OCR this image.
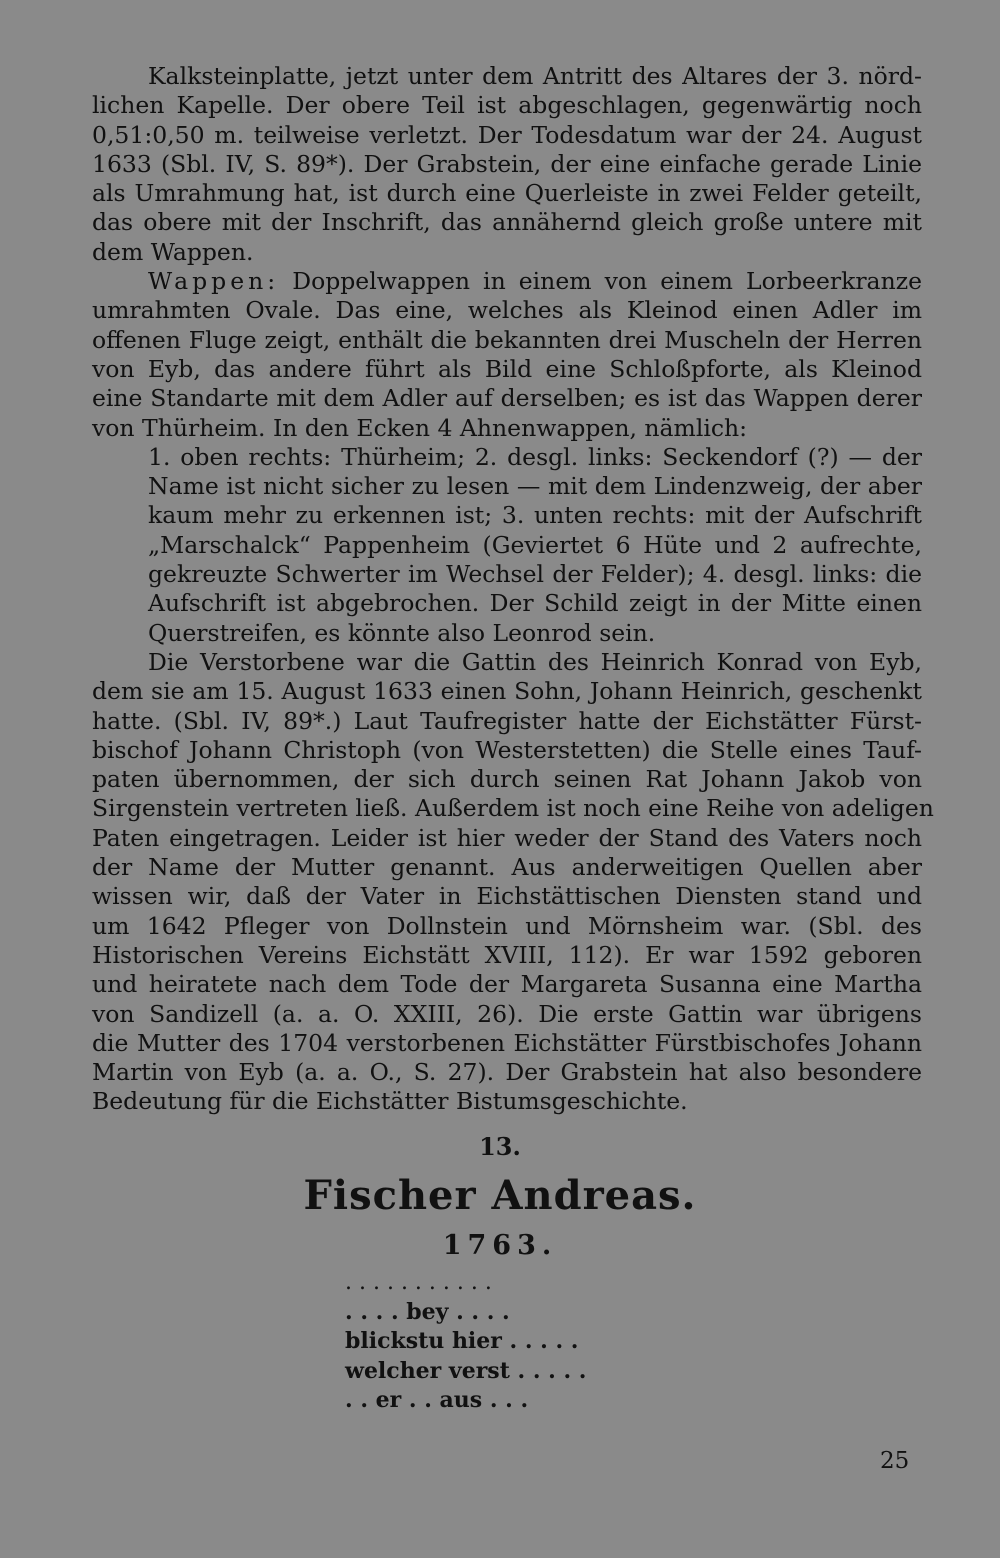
Kalksteinplatte, jetzt unter dem Antritt des Altares der 3. nörd-
lichen Kapelle. Der obere Teil ist abgeschlagen, gegenwärtig noch
0,51:0,50 m. teilweise verletzt. Der Todesdatum war der 24. August
1633 (Sbl. IV, S. 89*). Der Grabstein, der eine einfache gerade Linie
als Umrahmung hat, ist durch eine Querleiste in zwei Felder geteilt,
das obere mit der Inschrift, das annähernd gleich große untere mit
dem Wappen.
Wappen: Doppelwappen in einem von einem Lorbeerkranze
umrahmten Ovale. Das eine, welches als Kleinod einen Adler im
offenen Fluge zeigt, enthält die bekannten drei Muscheln der Herren
von Eyb, das andere führt als Bild eine Schloßpforte, als Kleinod
eine Standarte mit dem Adler auf derselben; es ist das Wappen derer
von Thürheim. In den Ecken 4 Ahnenwappen, nämlich:
1. oben rechts: Thürheim; 2. desgl. links: Seckendorf (?) — der
Name ist nicht sicher zu lesen — mit dem Lindenzweig, der aber
kaum mehr zu erkennen ist; 3. unten rechts: mit der Aufschrift
„Marschalck“ Pappenheim (Geviertet 6 Hüte und 2 aufrechte,
gekreuzte Schwerter im Wechsel der Felder); 4. desgl. links: die
Aufschrift ist abgebrochen. Der Schild zeigt in der Mitte einen
Querstreifen, es könnte also Leonrod sein.
Die Verstorbene war die Gattin des Heinrich Konrad von Eyb,
dem sie am 15. August 1633 einen Sohn, Johann Heinrich, geschenkt
hatte. (Sbl. IV, 89*.) Laut Taufregister hatte der Eichstätter Fürst-
bischof Johann Christoph (von Westerstetten) die Stelle eines Tauf-
paten übernommen, der sich durch seinen Rat Johann Jakob von
Sirgenstein vertreten ließ. Außerdem ist noch eine Reihe von adeligen
Paten eingetragen. Leider ist hier weder der Stand des Vaters noch
der Name der Mutter genannt. Aus anderweitigen Quellen aber
wissen wir, daß der Vater in Eichstättischen Diensten stand und
um 1642 Pfleger von Dollnstein und Mörnsheim war. (Sbl. des
Historischen Vereins Eichstätt XVIII, 112). Er war 1592 geboren
und heiratete nach dem Tode der Margareta Susanna eine Martha
von Sandizell (a. a. O. XXIII, 26). Die erste Gattin war übrigens
die Mutter des 1704 verstorbenen Eichstätter Fürstbischofes Johann
Martin von Eyb (a. a. O., S. 27). Der Grabstein hat also besondere
Bedeutung für die Eichstätter Bistumsgeschichte.
13.
Fischer Andreas.
1763.
. . . . . . . . . . .
. . . . bey . . . .
blickstu hier . . . . .
welcher verst . . . . .
. . er . . aus . . .
25
